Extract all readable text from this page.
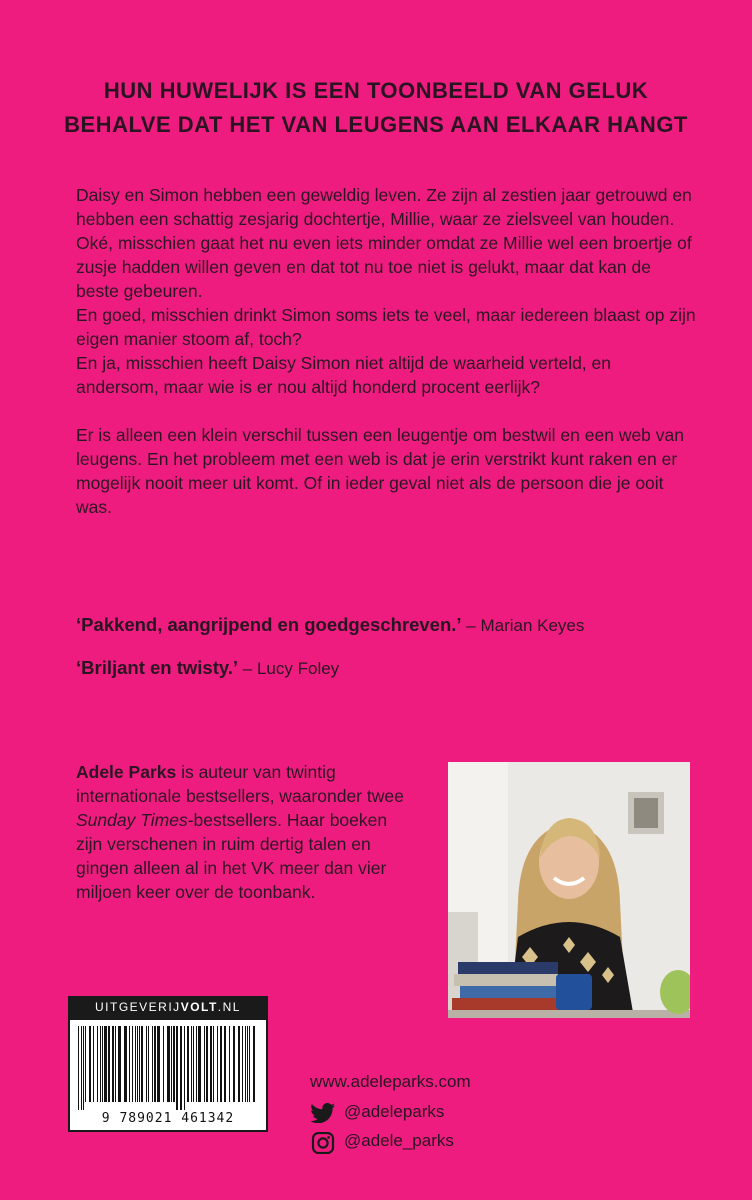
HUN HUWELIJK IS EEN TOONBEELD VAN GELUK
BEHALVE DAT HET VAN LEUGENS AAN ELKAAR HANGT

Daisy en Simon hebben een geweldig leven. Ze zijn al zestien jaar getrouwd en hebben een schattig zesjarig dochtertje, Millie, waar ze zielsveel van houden.

Oké, misschien gaat het nu even iets minder omdat ze Millie wel een broertje of zusje hadden willen geven en dat tot nu toe niet is gelukt, maar dat kan de beste gebeuren.

En goed, misschien drinkt Simon soms iets te veel, maar iedereen blaast op zijn eigen manier stoom af, toch?

En ja, misschien heeft Daisy Simon niet altijd de waarheid verteld, en andersom, maar wie is er nou altijd honderd procent eerlijk?

Er is alleen een klein verschil tussen een leugentje om bestwil en een web van leugens. En het probleem met een web is dat je erin verstrikt kunt raken en er mogelijk nooit meer uit komt. Of in ieder geval niet als de persoon die je ooit was.

‘Pakkend, aangrijpend en goedgeschreven.’ – Marian Keyes
‘Briljant en twisty.’ – Lucy Foley
Adele Parks is auteur van twintig internationale bestsellers, waaronder twee Sunday Times-bestsellers. Haar boeken zijn verschenen in ruim dertig talen en gingen alleen al in het VK meer dan vier miljoen keer over de toonbank.
UITGEVERIJVOLT.NL
9 789021 461342
www.adeleparks.com
@adeleparks
@adele_parks
